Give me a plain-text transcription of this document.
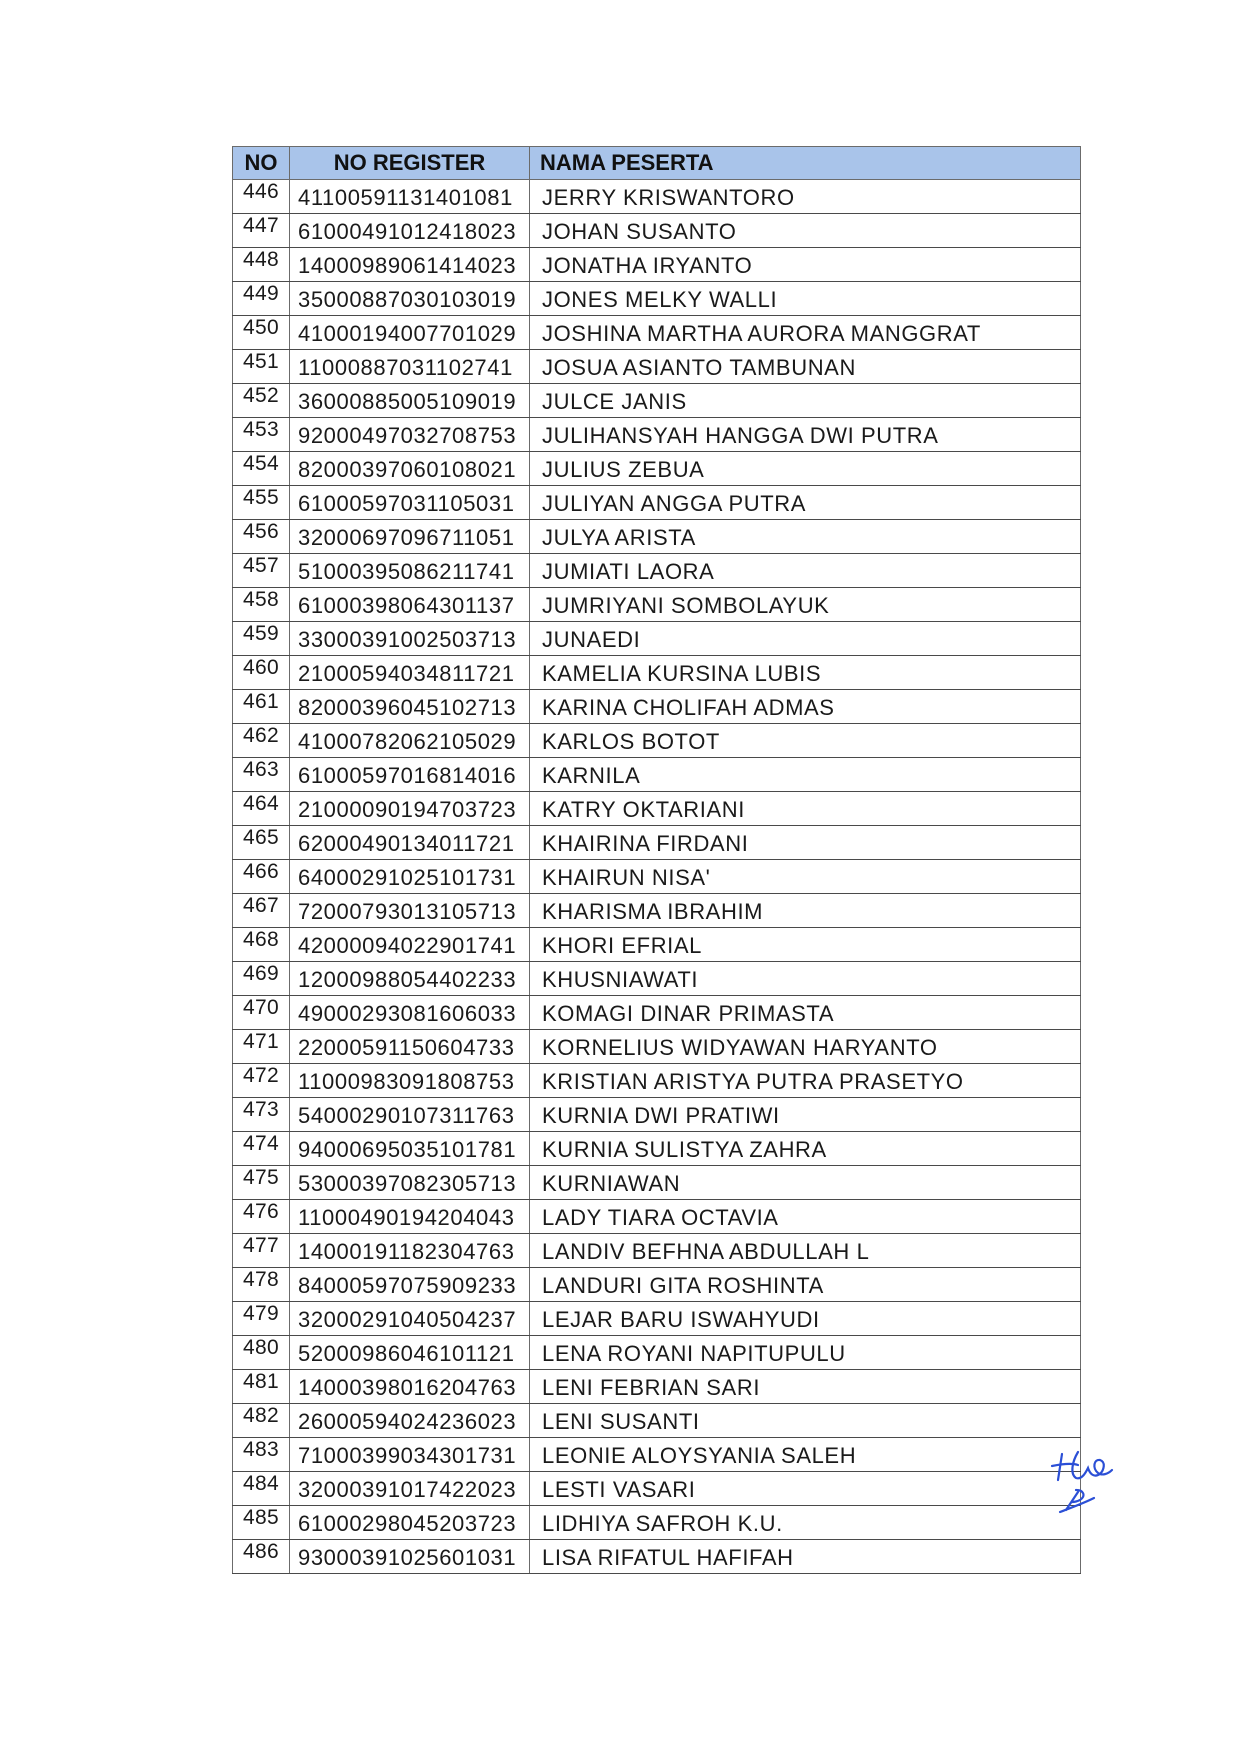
NO	NO REGISTER	NAMA PESERTA
446	41100591131401081	JERRY KRISWANTORO
447	61000491012418023	JOHAN SUSANTO
448	14000989061414023	JONATHA IRYANTO
449	35000887030103019	JONES MELKY WALLI
450	41000194007701029	JOSHINA MARTHA AURORA MANGGRAT
451	11000887031102741	JOSUA ASIANTO TAMBUNAN
452	36000885005109019	JULCE JANIS
453	92000497032708753	JULIHANSYAH HANGGA DWI PUTRA
454	82000397060108021	JULIUS ZEBUA
455	61000597031105031	JULIYAN ANGGA PUTRA
456	32000697096711051	JULYA ARISTA
457	51000395086211741	JUMIATI LAORA
458	61000398064301137	JUMRIYANI SOMBOLAYUK
459	33000391002503713	JUNAEDI
460	21000594034811721	KAMELIA KURSINA LUBIS
461	82000396045102713	KARINA CHOLIFAH ADMAS
462	41000782062105029	KARLOS BOTOT
463	61000597016814016	KARNILA
464	21000090194703723	KATRY OKTARIANI
465	62000490134011721	KHAIRINA FIRDANI
466	64000291025101731	KHAIRUN NISA'
467	72000793013105713	KHARISMA IBRAHIM
468	42000094022901741	KHORI EFRIAL
469	12000988054402233	KHUSNIAWATI
470	49000293081606033	KOMAGI DINAR PRIMASTA
471	22000591150604733	KORNELIUS WIDYAWAN HARYANTO
472	11000983091808753	KRISTIAN ARISTYA PUTRA PRASETYO
473	54000290107311763	KURNIA DWI PRATIWI
474	94000695035101781	KURNIA SULISTYA ZAHRA
475	53000397082305713	KURNIAWAN
476	11000490194204043	LADY TIARA OCTAVIA
477	14000191182304763	LANDIV BEFHNA ABDULLAH L
478	84000597075909233	LANDURI GITA ROSHINTA
479	32000291040504237	LEJAR BARU ISWAHYUDI
480	52000986046101121	LENA ROYANI NAPITUPULU
481	14000398016204763	LENI FEBRIAN SARI
482	26000594024236023	LENI SUSANTI
483	71000399034301731	LEONIE ALOYSYANIA SALEH
484	32000391017422023	LESTI VASARI
485	61000298045203723	LIDHIYA SAFROH K.U.
486	93000391025601031	LISA RIFATUL HAFIFAH
